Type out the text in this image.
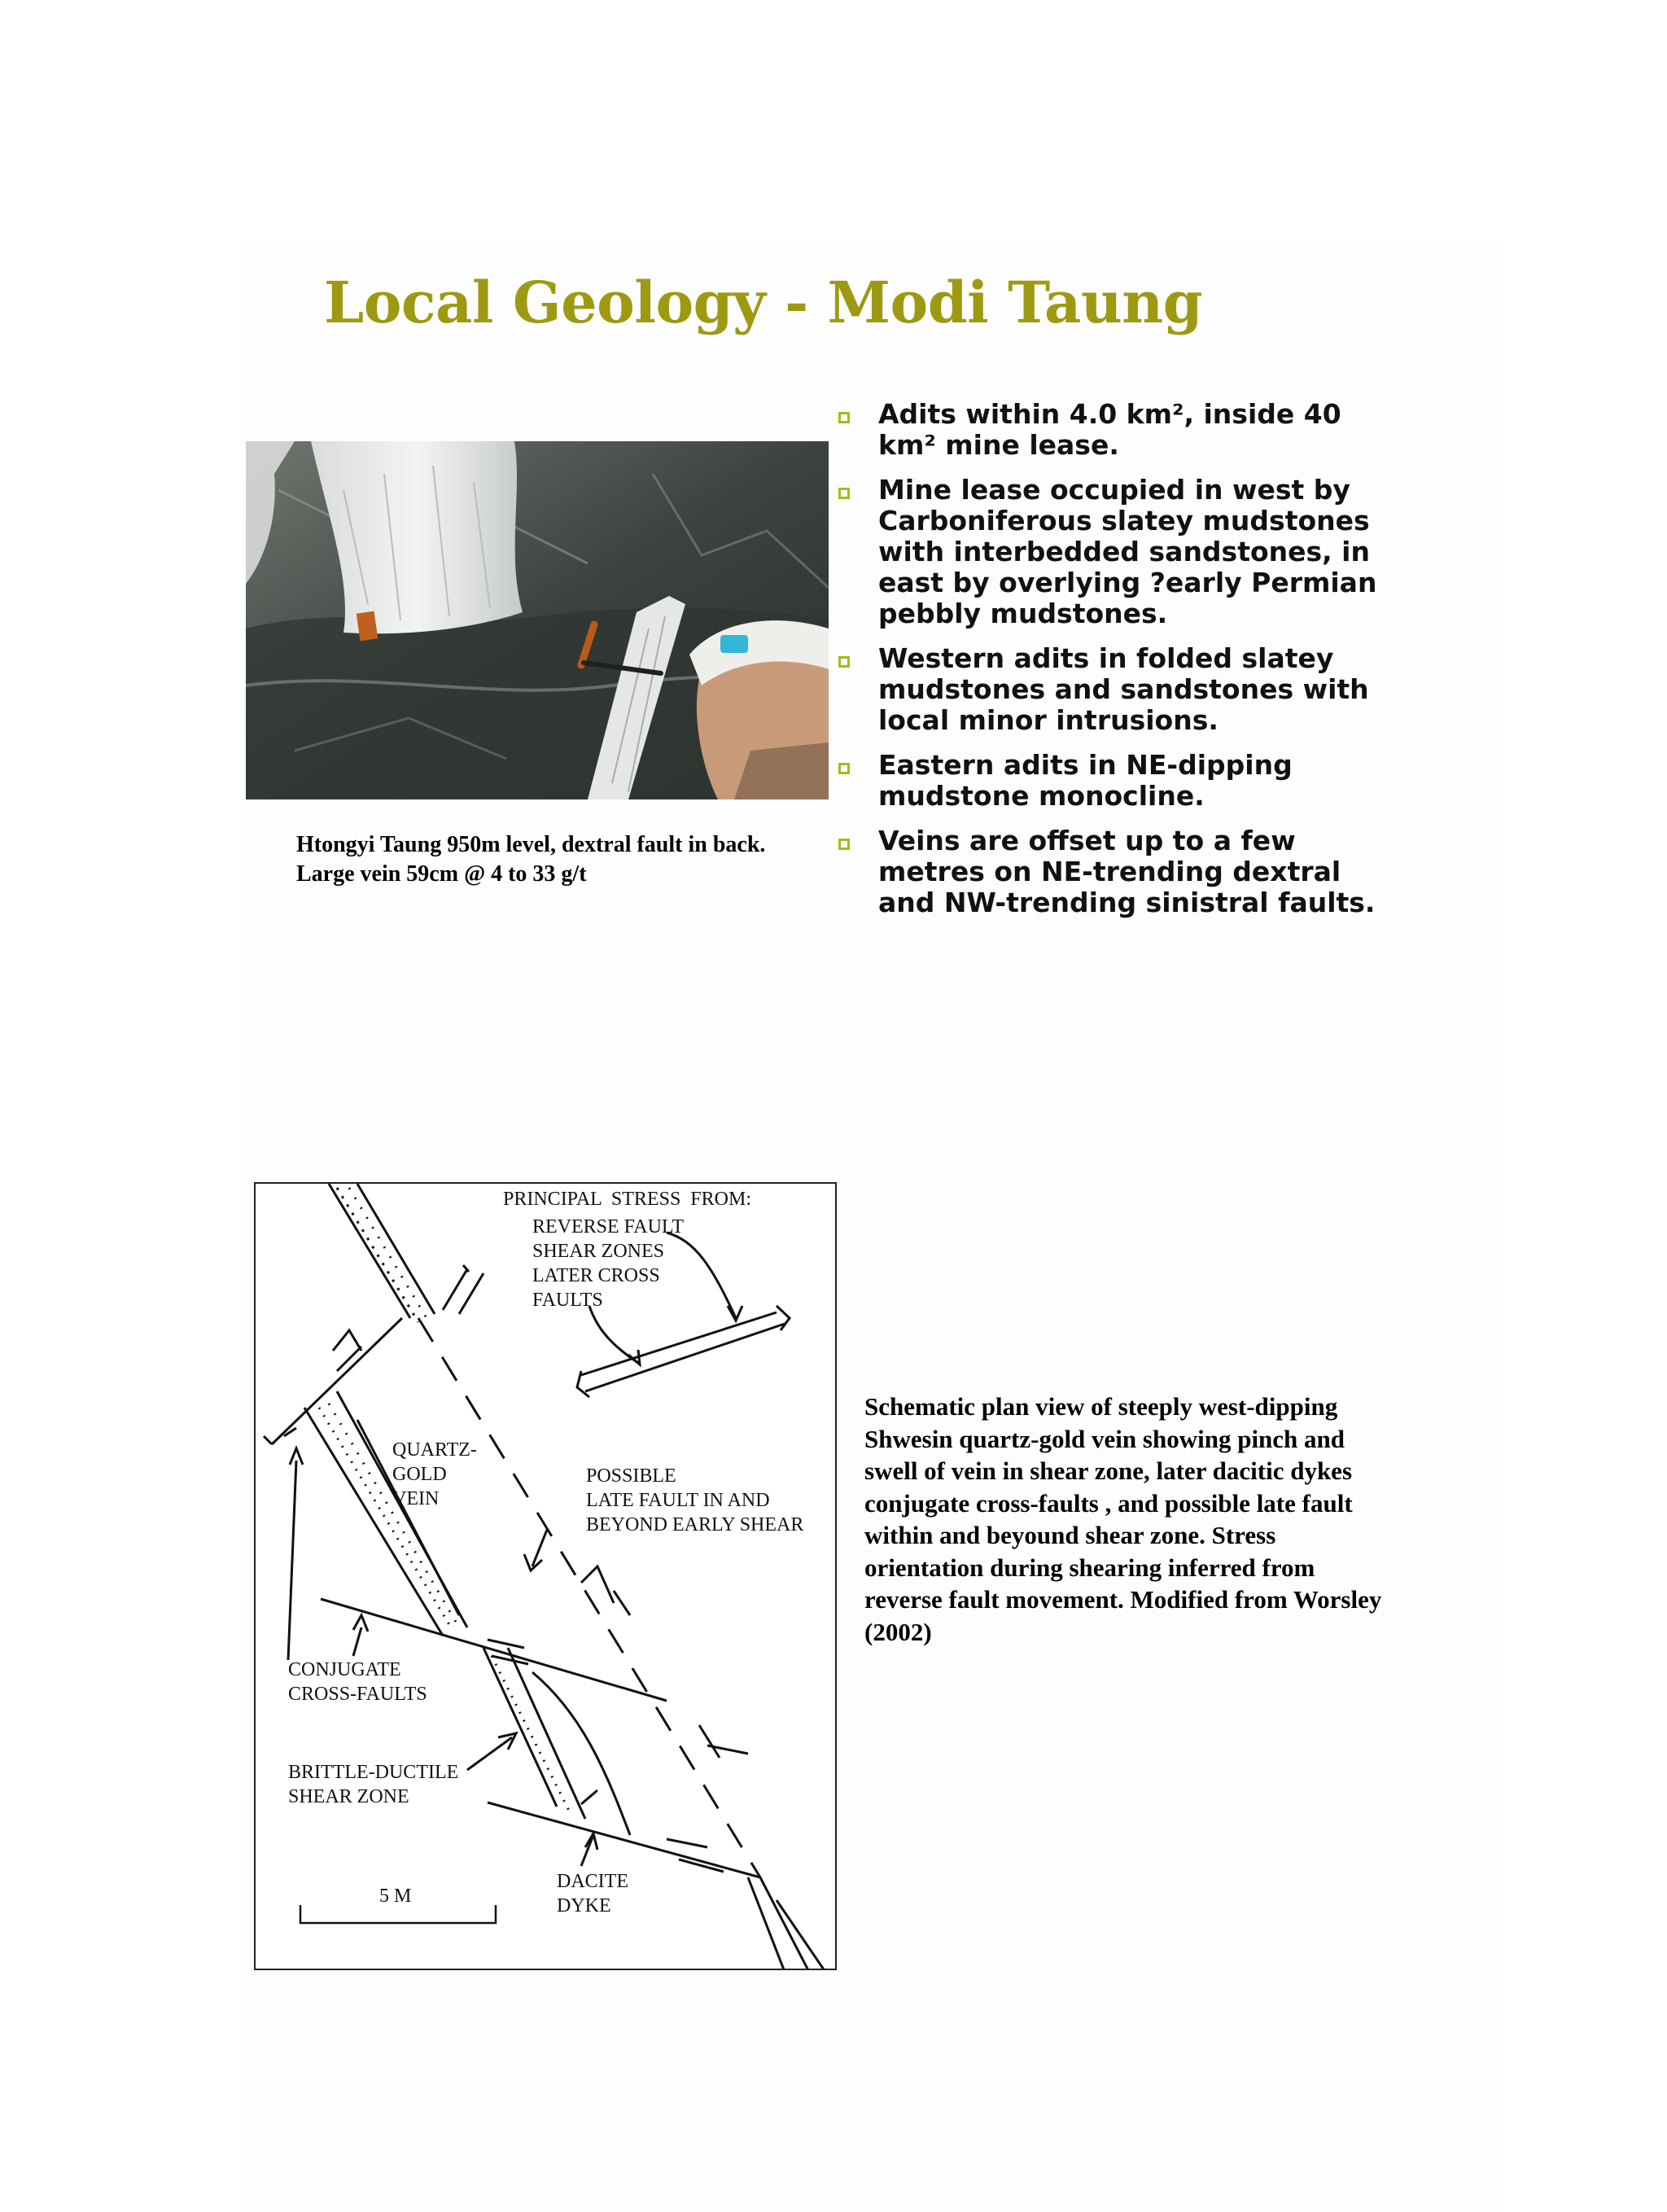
Local Geology - Modi Taung
Htongyi Taung 950m level, dextral fault in back. Large vein 59cm @ 4 to 33 g/t
Adits within 4.0 km², inside 40 km² mine lease.
Mine lease occupied in west by Carboniferous slatey mudstones with interbedded sandstones, in east by overlying ?early Permian pebbly mudstones.
Western adits in folded slatey mudstones and sandstones with local minor intrusions.
Eastern adits in NE-dipping mudstone monocline.
Veins are offset up to a few metres on NE-trending dextral and NW-trending sinistral faults.
PRINCIPAL  STRESS  FROM:
REVERSE FAULT
SHEAR ZONES
LATER CROSS
FAULTS
QUARTZ-
GOLD
VEIN
POSSIBLE
LATE FAULT IN AND
BEYOND EARLY SHEAR
CONJUGATE
CROSS-FAULTS
BRITTLE-DUCTILE
SHEAR ZONE
5 M
DACITE
DYKE
Schematic plan view of steeply west-dipping Shwesin quartz-gold vein showing pinch and swell of vein in shear zone, later dacitic dykes conjugate cross-faults , and possible late fault within and beyound shear zone. Stress orientation during shearing inferred from reverse fault movement. Modified from Worsley (2002)
